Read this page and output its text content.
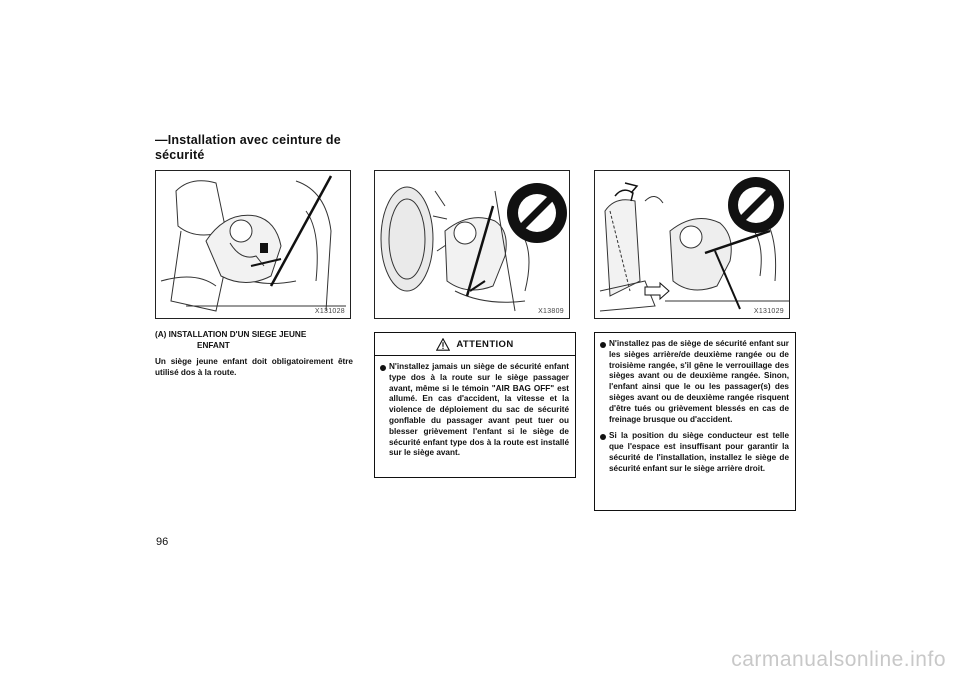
—Installation avec ceinture de
sécurité
X131028	X13809	X131029
(A) INSTALLATION D'UN SIEGE JEUNE
ENFANT
Un siège jeune enfant doit obligatoirement être utilisé dos à la route.
ATTENTION
N'installez jamais un siège de sécurité enfant type dos à la route sur le siège passager avant, même si le témoin "AIR BAG OFF" est allumé. En cas d'accident, la vitesse et la violence de déploiement du sac de sécurité gonflable du passager avant peut tuer ou blesser grièvement l'enfant si le siège de sécurité enfant type dos à la route est installé sur le siège avant.
N'installez pas de siège de sécurité enfant sur les sièges arrière/de deuxième rangée ou de troisième rangée, s'il gêne le verrouillage des sièges avant ou de deuxième rangée. Sinon, l'enfant ainsi que le ou les passager(s) des sièges avant ou de deuxième rangée risquent d'être tués ou grièvement blessés en cas de freinage brusque ou d'accident.
Si la position du siège conducteur est telle que l'espace est insuffisant pour garantir la sécurité de l'installation, installez le siège de sécurité enfant sur le siège arrière droit.
96
carmanualsonline.info
